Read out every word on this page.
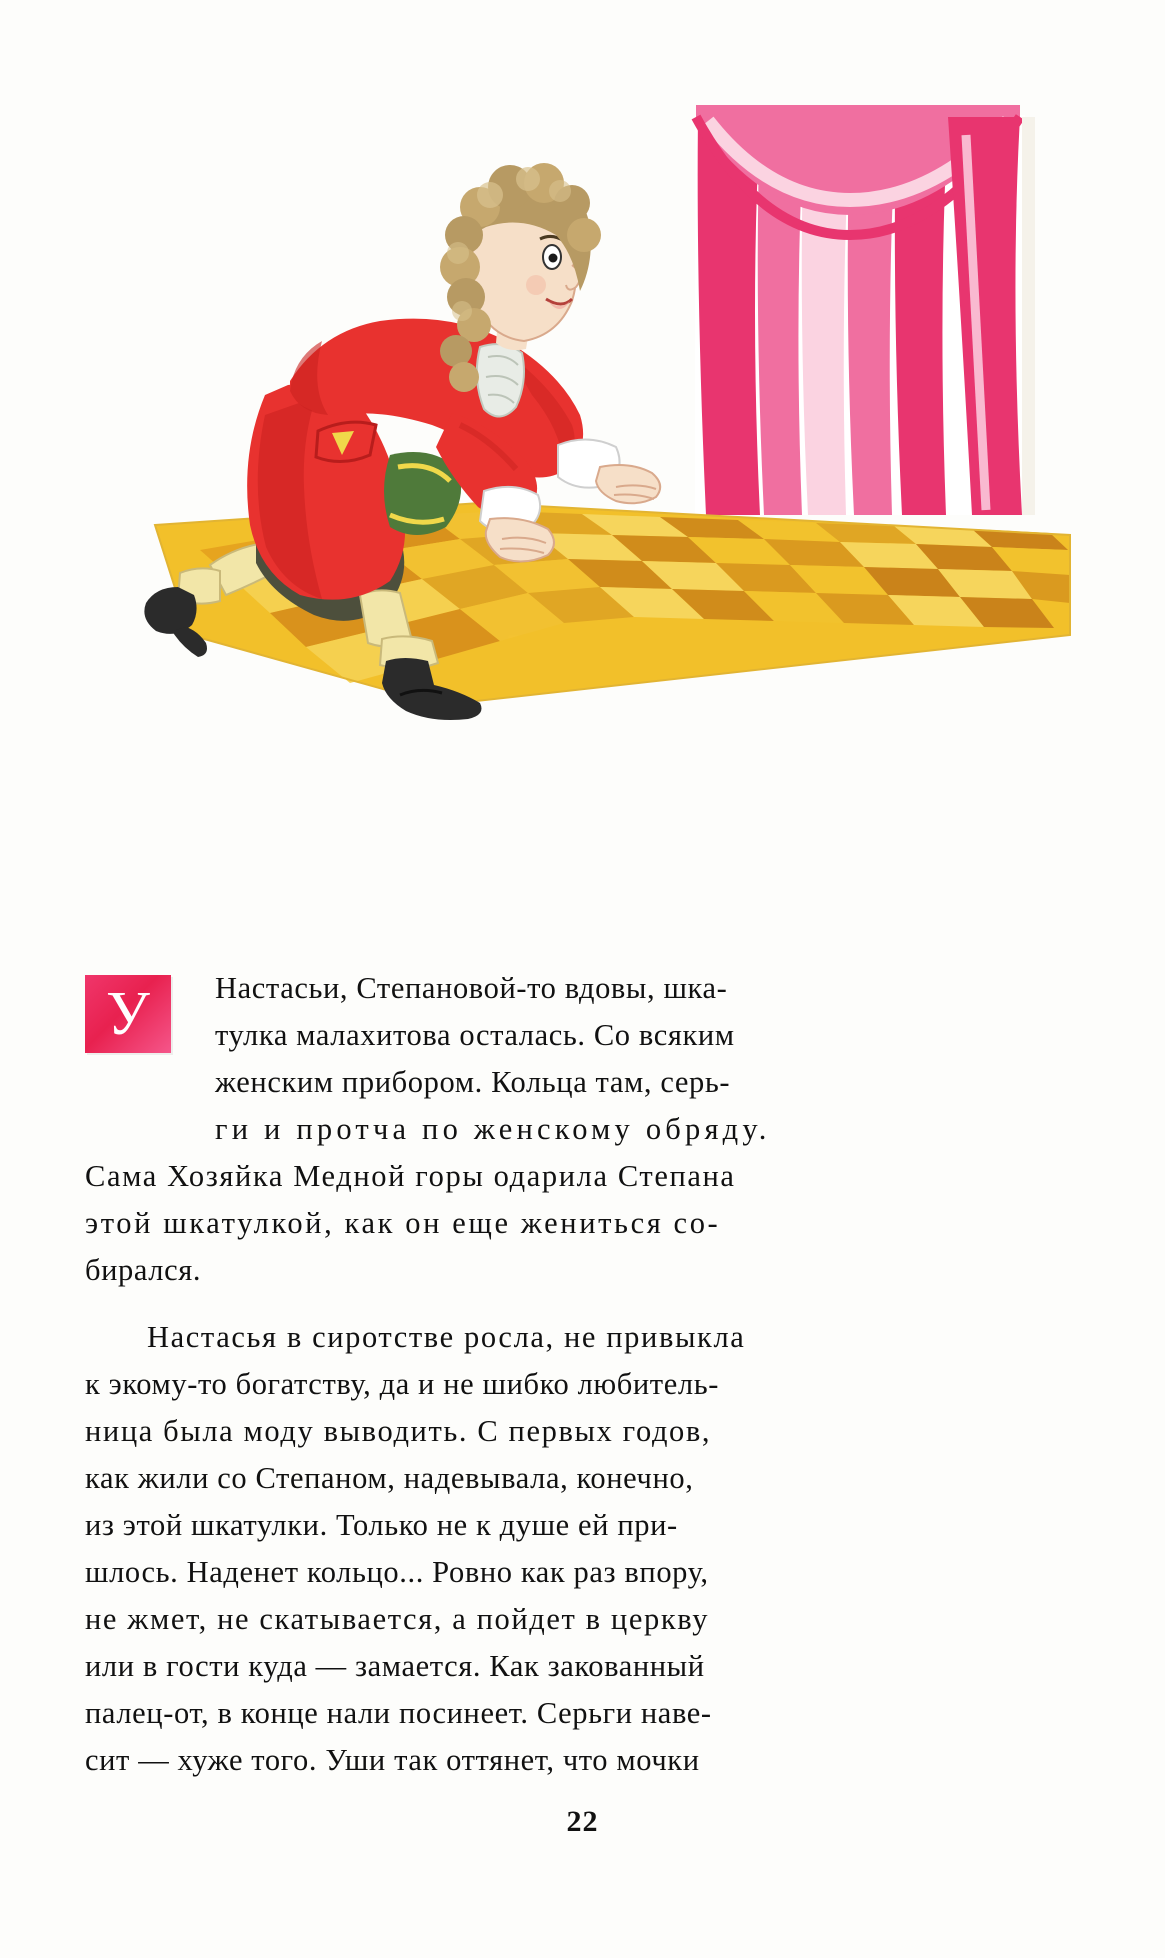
У	Настасьи, Степановой-то вдовы, шка-
тулка малахитова осталась. Со всяким
женским прибором. Кольца там, серь-
ги и протча по женскому обряду.
Сама Хозяйка Медной горы одарила Степана
этой шкатулкой, как он еще жениться со-
бирался.
Настасья в сиротстве росла, не привыкла
к экому-то богатству, да и не шибко любитель-
ница была моду выводить. С первых годов,
как жили со Степаном, надевывала, конечно,
из этой шкатулки. Только не к душе ей при-
шлось. Наденет кольцо... Ровно как раз впору,
не жмет, не скатывается, а пойдет в церкву
или в гости куда — замается. Как закованный
палец-от, в конце нали посинеет. Серьги наве-
сит — хуже того. Уши так оттянет, что мочки
22
